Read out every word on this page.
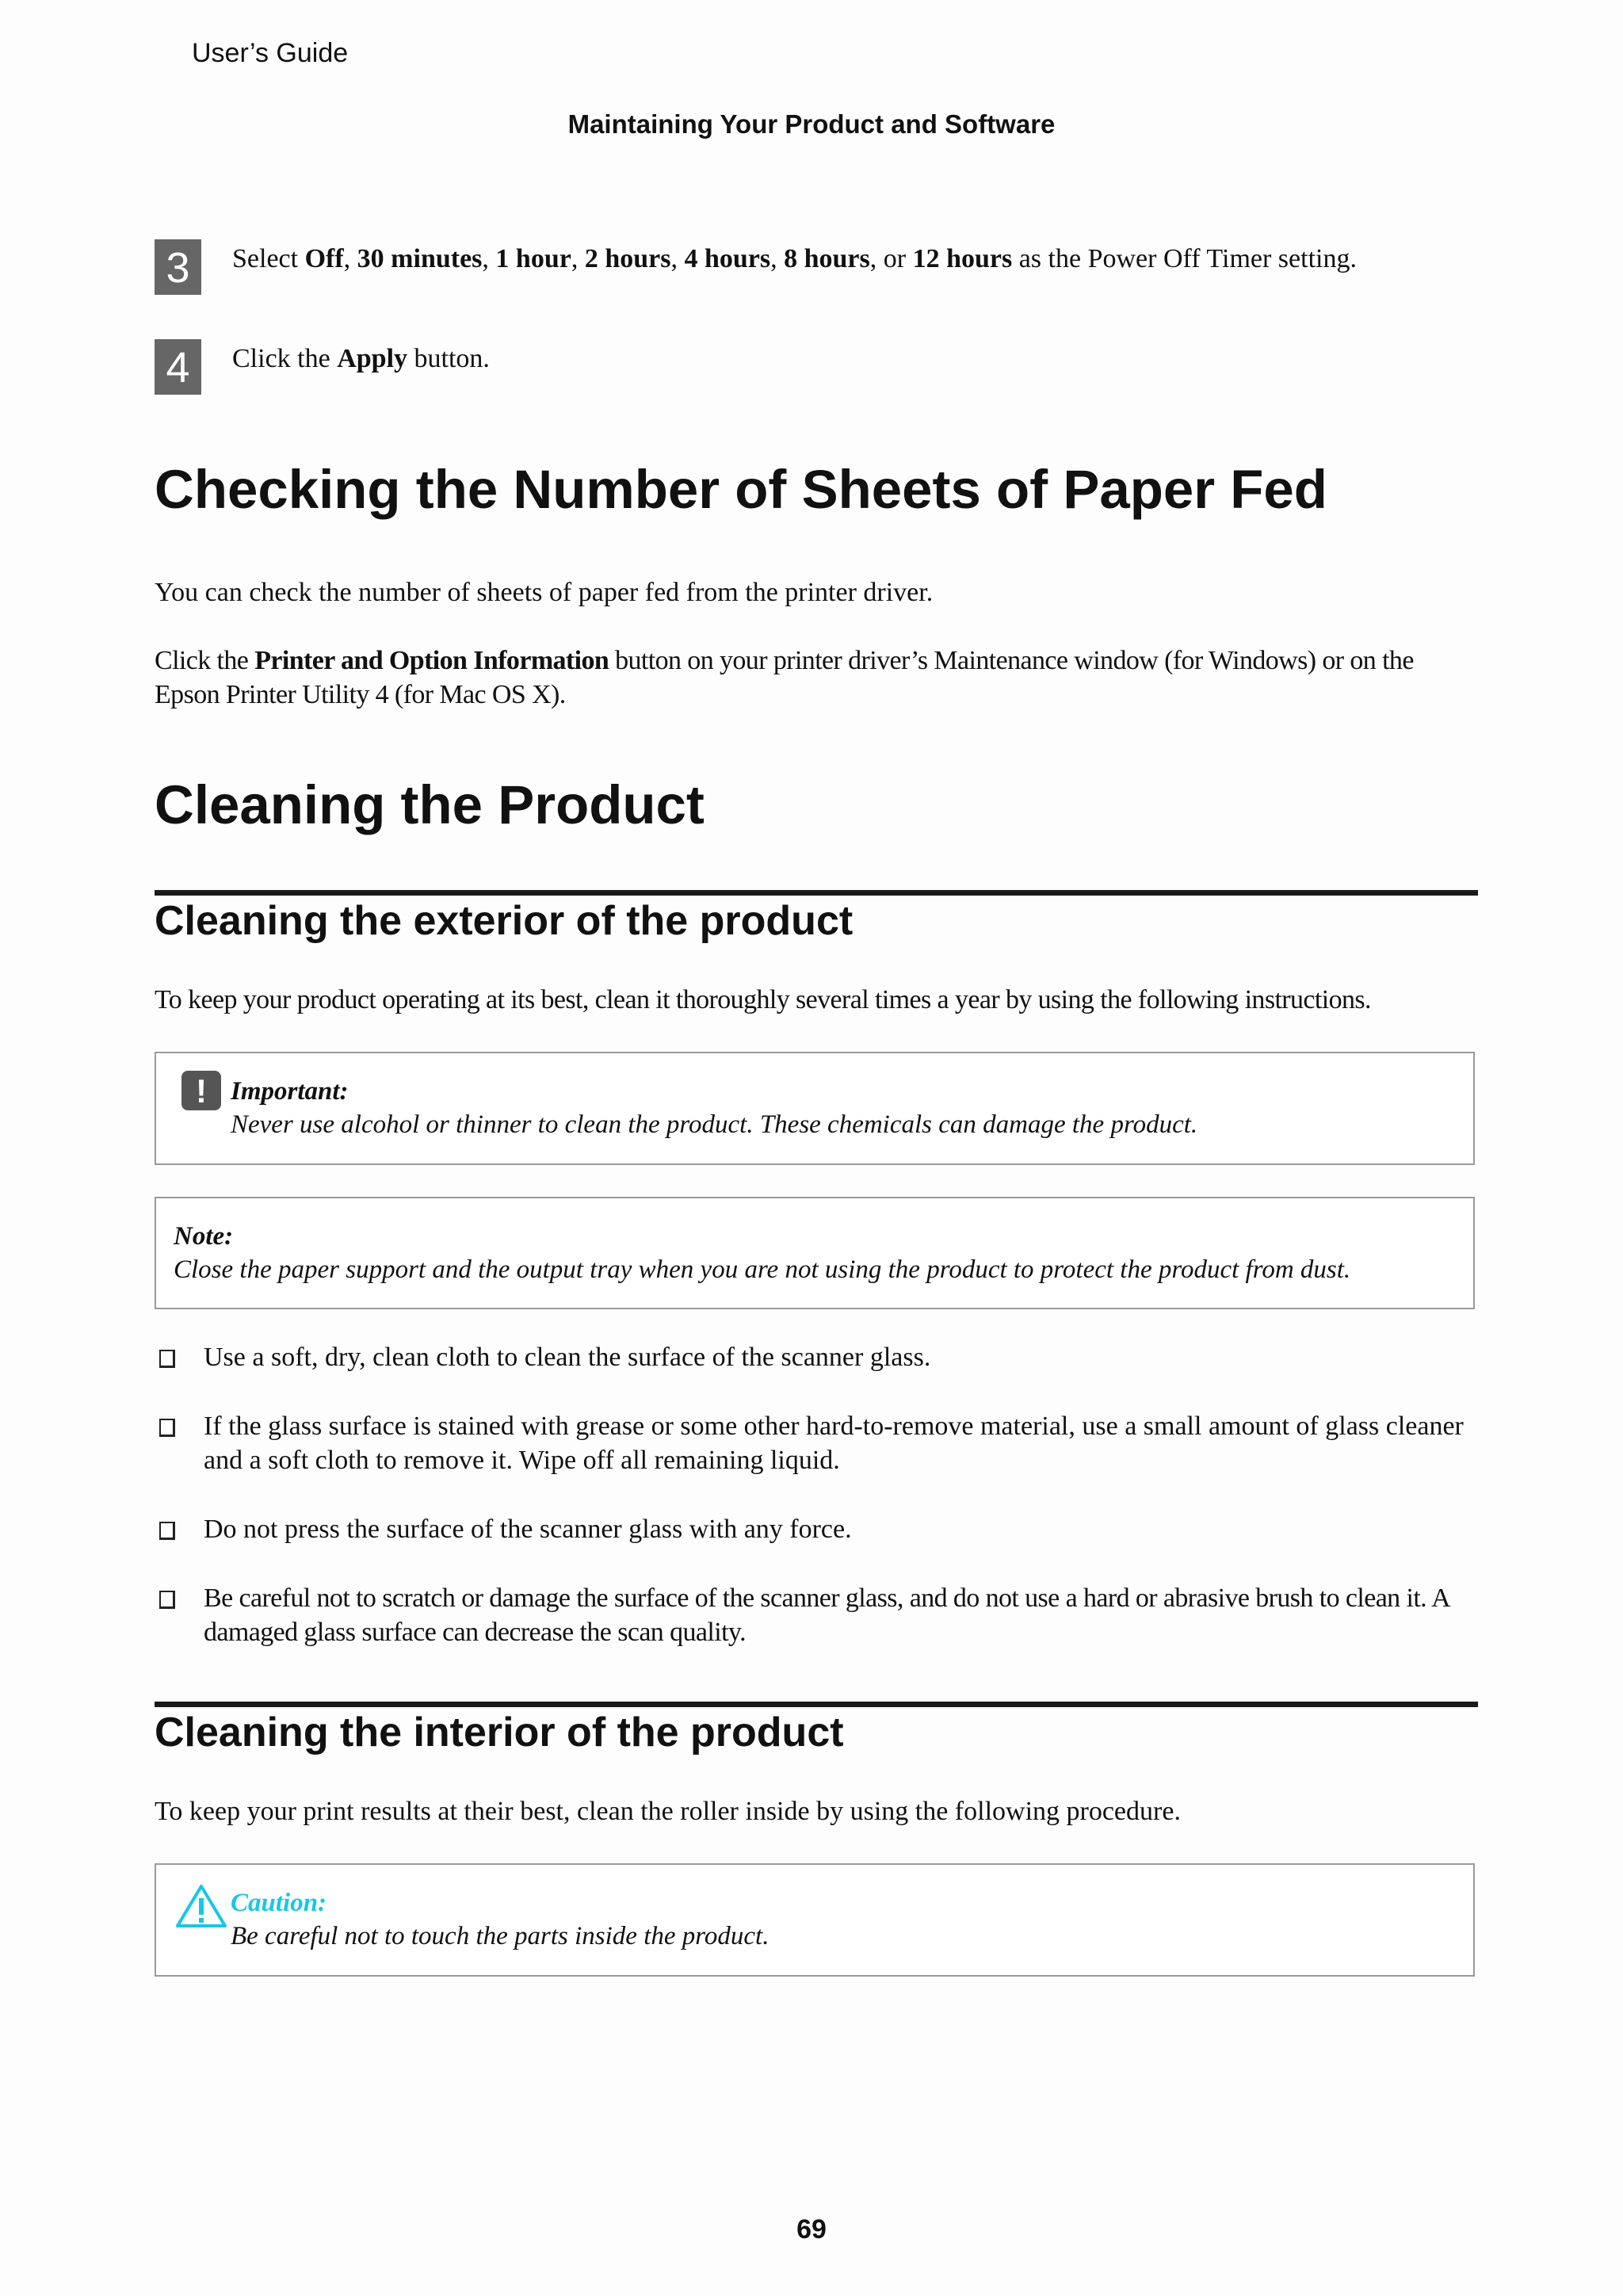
User’s Guide
Maintaining Your Product and Software
3	Select Off, 30 minutes, 1 hour, 2 hours, 4 hours, 8 hours, or 12 hours as the Power Off Timer setting.
4	Click the Apply button.
Checking the Number of Sheets of Paper Fed

You can check the number of sheets of paper fed from the printer driver.

Click the Printer and Option Information button on your printer driver’s Maintenance window (for Windows) or on the Epson Printer Utility 4 (for Mac OS X).

Cleaning the Product
Cleaning the exterior of the product

To keep your product operating at its best, clean it thoroughly several times a year by using the following instructions.

! Important:
Never use alcohol or thinner to clean the product. These chemicals can damage the product.
Note:
Close the paper support and the output tray when you are not using the product to protect the product from dust.
Use a soft, dry, clean cloth to clean the surface of the scanner glass.
If the glass surface is stained with grease or some other hard-to-remove material, use a small amount of glass cleaner and a soft cloth to remove it. Wipe off all remaining liquid.
Do not press the surface of the scanner glass with any force.
Be careful not to scratch or damage the surface of the scanner glass, and do not use a hard or abrasive brush to clean it. A damaged glass surface can decrease the scan quality.
Cleaning the interior of the product

To keep your print results at their best, clean the roller inside by using the following procedure.

Caution:
Be careful not to touch the parts inside the product.
69
